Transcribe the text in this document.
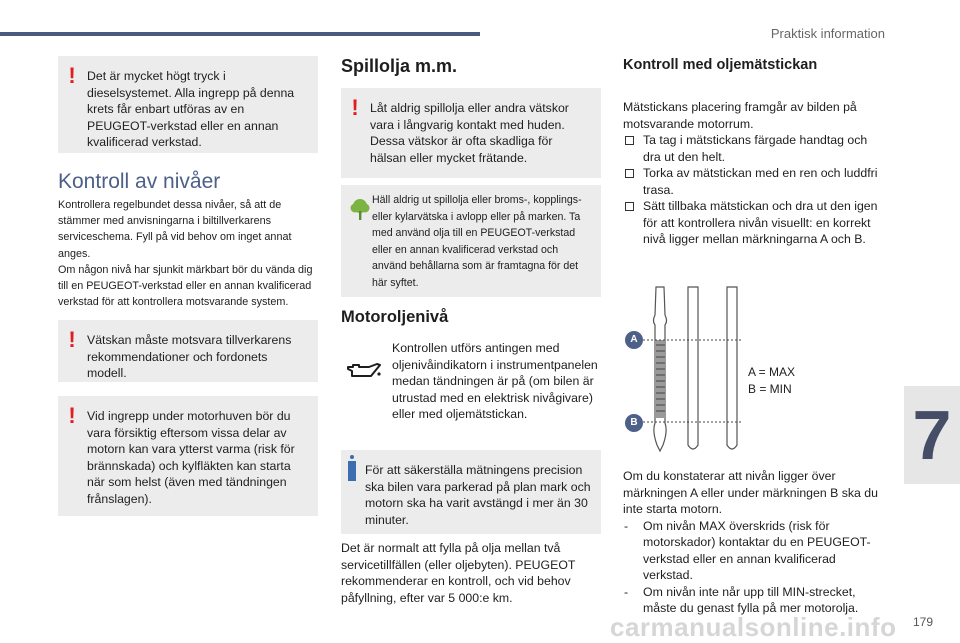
Praktisk information
7
179
carmanualsonline.info
! Det är mycket högt tryck i dieselsystemet. Alla ingrepp på denna krets får enbart utföras av en PEUGEOT-verkstad eller en annan kvalificerad verkstad.
Kontroll av nivåer

Kontrollera regelbundet dessa nivåer, så att de stämmer med anvisningarna i biltillverkarens serviceschema. Fyll på vid behov om inget annat anges.

Om någon nivå har sjunkit märkbart bör du vända dig till en PEUGEOT-verkstad eller en annan kvalificerad verkstad för att kontrollera motsvarande system.

! Vätskan måste motsvara tillverkarens rekommendationer och fordonets modell.
! Vid ingrepp under motorhuven bör du vara försiktig eftersom vissa delar av motorn kan vara ytterst varma (risk för brännskada) och kylfläkten kan starta när som helst (även med tändningen frånslagen).
Spillolja m.m.
! Låt aldrig spillolja eller andra vätskor vara i långvarig kontakt med huden. Dessa vätskor är ofta skadliga för hälsan eller mycket frätande.
Häll aldrig ut spillolja eller broms-, kopplings- eller kylarvätska i avlopp eller på marken. Ta med använd olja till en PEUGEOT-verkstad eller en annan kvalificerad verkstad och använd behållarna som är framtagna för det här syftet.
Motoroljenivå
Kontrollen utförs antingen med oljenivåindikatorn i instrumentpanelen medan tändningen är på (om bilen är utrustad med en elektrisk nivågivare) eller med oljemätstickan.
För att säkerställa mätningens precision ska bilen vara parkerad på plan mark och motorn ska ha varit avstängd i mer än 30 minuter.
Det är normalt att fylla på olja mellan två servicetillfällen (eller oljebyten). PEUGEOT rekommenderar en kontroll, och vid behov påfyllning, efter var 5 000:e km.
Kontroll med oljemätstickan

Mätstickans placering framgår av bilden på motsvarande motorrum.

Ta tag i mätstickans färgade handtag och dra ut den helt.

Torka av mätstickan med en ren och luddfri trasa.

Sätt tillbaka mätstickan och dra ut den igen för att kontrollera nivån visuellt: en korrekt nivå ligger mellan märkningarna A och B.

A
B
A = MAX
B = MIN

Om du konstaterar att nivån ligger över märkningen A eller under märkningen B ska du inte starta motorn.

- Om nivån MAX överskrids (risk för motorskador) kontaktar du en PEUGEOT-verkstad eller en annan kvalificerad verkstad.

- Om nivån inte når upp till MIN-strecket, måste du genast fylla på mer motorolja.
